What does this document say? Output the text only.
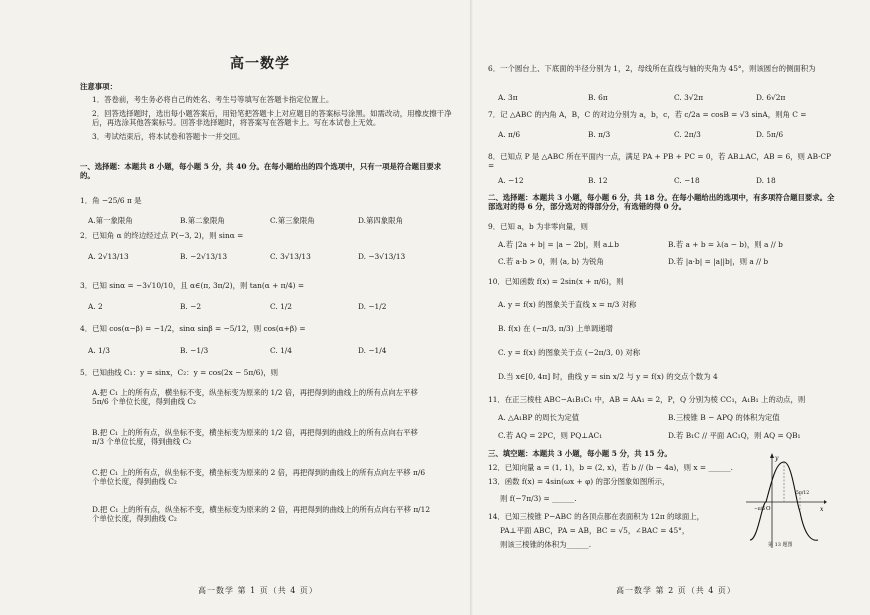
高一数学
注意事项：
1．答卷前，考生务必将自己的姓名、考生号等填写在答题卡指定位置上。
2．回答选择题时，选出每小题答案后，用铅笔把答题卡上对应题目的答案标号涂黑。如需改动，用橡皮擦干净后，再选涂其他答案标号。回答非选择题时，将答案写在答题卡上。写在本试卷上无效。
3．考试结束后，将本试卷和答题卡一并交回。
一、选择题：本题共 8 小题，每小题 5 分，共 40 分。在每小题给出的四个选项中，只有一项是符合题目要求的。
1．角 −25/6 π 是
A.第一象限角	B.第二象限角	C.第三象限角	D.第四象限角
2．已知角 α 的终边经过点 P(−3, 2)，则 sinα =
A. 2√13/13	B. −2√13/13	C. 3√13/13	D. −3√13/13
3．已知 sinα = −3√10/10，且 α∈(π, 3π/2)，则 tan(α + π/4) =
A. 2	B. −2	C. 1/2	D. −1/2
4．已知 cos(α−β) = −1/2，sinα sinβ = −5/12，则 cos(α+β) =
A. 1/3	B. −1/3	C. 1/4	D. −1/4
5．已知曲线 C₁：y = sinx，C₂：y = cos(2x − 5π/6)，则
A.把 C₁ 上的所有点，横坐标不变，纵坐标变为原来的 1/2 倍，再把得到的曲线上的所有点向左平移 5π/6 个单位长度，得到曲线 C₂
B.把 C₁ 上的所有点，纵坐标不变，横坐标变为原来的 1/2 倍，再把得到的曲线上的所有点向右平移 π/3 个单位长度，得到曲线 C₂
C.把 C₁ 上的所有点，纵坐标不变，横坐标变为原来的 2 倍，再把得到的曲线上的所有点向左平移 π/6 个单位长度，得到曲线 C₂
D.把 C₁ 上的所有点，纵坐标不变，横坐标变为原来的 2 倍，再把得到的曲线上的所有点向右平移 π/12 个单位长度，得到曲线 C₂
高一数学 第 1 页（共 4 页）
6．一个圆台上、下底面的半径分别为 1，2，母线所在直线与轴的夹角为 45°，则该圆台的侧面积为
A. 3π	B. 6π	C. 3√2π	D. 6√2π
7．记 △ABC 的内角 A，B，C 的对边分别为 a，b，c，若 c/2a = cosB = √3 sinA，则角 C =
A. π/6	B. π/3	C. 2π/3	D. 5π/6
8．已知点 P 是 △ABC 所在平面内一点，满足 PA + PB + PC = 0，若 AB⊥AC，AB = 6，则 AB·CP =
A. −12	B. 12	C. −18	D. 18
二、选择题：本题共 3 小题，每小题 6 分，共 18 分。在每小题给出的选项中，有多项符合题目要求。全部选对的得 6 分，部分选对的得部分分，有选错的得 0 分。
9．已知 a，b 为非零向量，则
A.若 |2a + b| = |a − 2b|，则 a⊥b	B.若 a + b = λ(a − b)，则 a // b
C.若 a·b > 0，则 ⟨a, b⟩ 为锐角	D.若 |a·b| = |a||b|，则 a // b
10．已知函数 f(x) = 2sin(x + π/6)，则
A. y = f(x) 的图象关于直线 x = π/3 对称
B. f(x) 在 (−π/3, π/3) 上单调递增
C. y = f(x) 的图象关于点 (−2π/3, 0) 对称
D.当 x∈[0, 4π] 时，曲线 y = sin x/2 与 y = f(x) 的交点个数为 4
11．在正三棱柱 ABC−A₁B₁C₁ 中，AB = AA₁ = 2，P，Q 分别为棱 CC₁，A₁B₁ 上的动点，则
A. △A₁BP 的周长为定值	B.三棱锥 B − APQ 的体积为定值
C.若 AQ = 2PC，则 PQ⊥AC₁	D.若 B₁C // 平面 AC₁Q，则 AQ = QB₁
三、填空题：本题共 3 小题，每小题 5 分，共 15 分。
12．已知向量 a = (1, 1)，b = (2, x)，若 b // (b − 4a)，则 x = ______.
13．函数 f(x) = 4sin(ωx + φ) 的部分图象如图所示，
则 f(−7π/3) = ______.
14．已知三棱锥 P−ABC 的各顶点都在表面积为 12π 的球面上，
PA⊥平面 ABC，PA = AB，BC = √5，∠BAC = 45°，
则该三棱锥的体积为______.
高一数学 第 2 页（共 4 页）
y
x
O
−π/6
5π/12
第 13 题图
